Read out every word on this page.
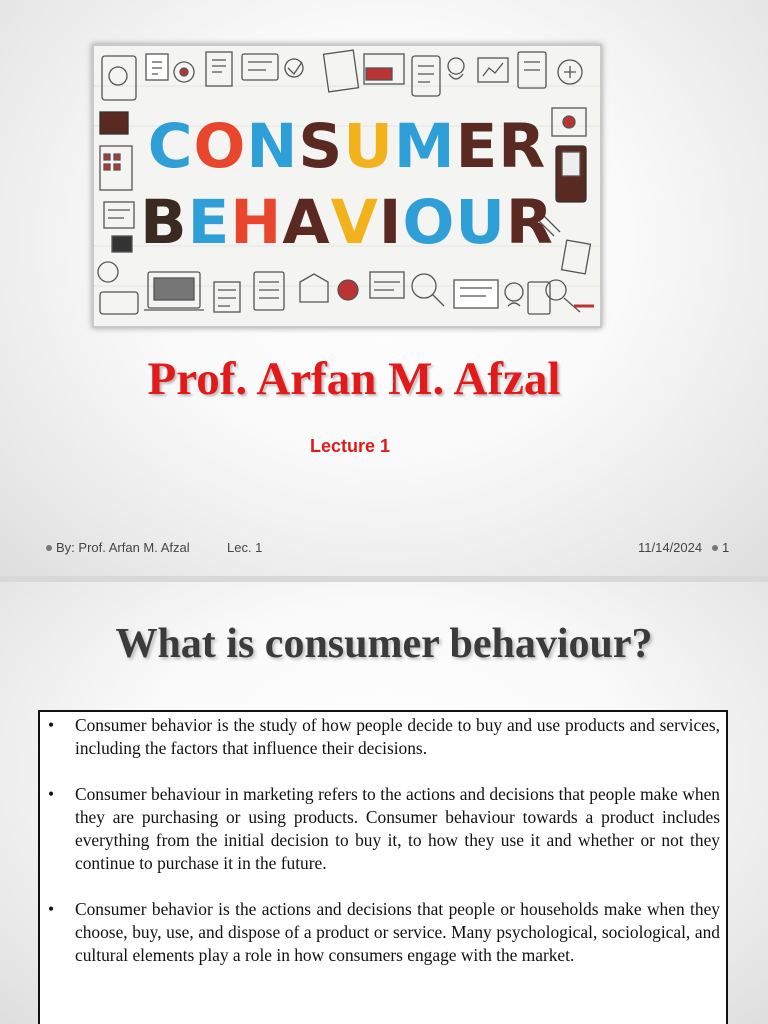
CONSUMER
BEHAVIOUR
Prof. Arfan M. Afzal
Lecture 1
By: Prof. Arfan M. Afzal	Lec. 1	11/14/2024	1
What is consumer behaviour?
• Consumer behavior is the study of how people decide to buy and use products and services, including the factors that influence their decisions.
• Consumer behaviour in marketing refers to the actions and decisions that people make when they are purchasing or using products. Consumer behaviour towards a product includes everything from the initial decision to buy it, to how they use it and whether or not they continue to purchase it in the future.
• Consumer behavior is the actions and decisions that people or households make when they choose, buy, use, and dispose of a product or service. Many psychological, sociological, and cultural elements play a role in how consumers engage with the market.
